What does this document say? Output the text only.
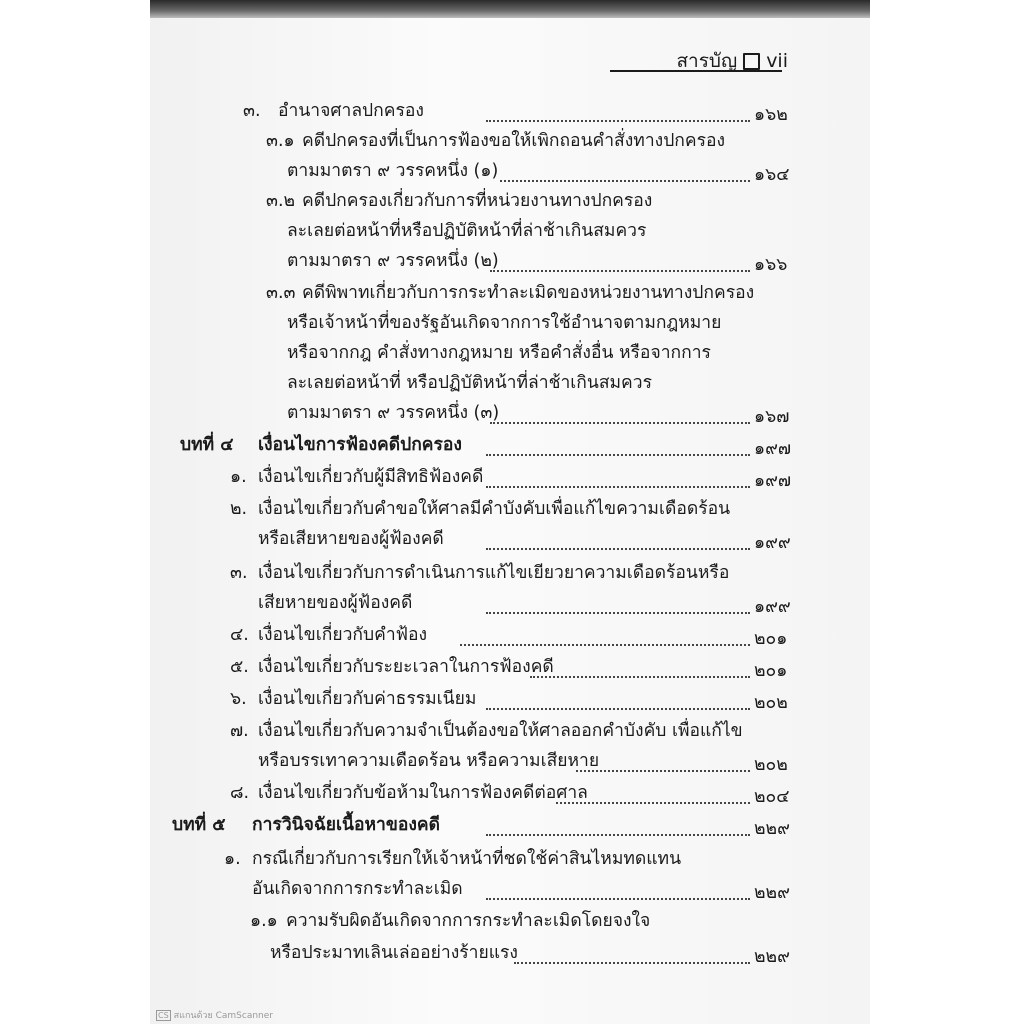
สารบัญ vii
๓. อำนาจศาลปกครอง	๑๖๒
๓.๑ คดีปกครองที่เป็นการฟ้องขอให้เพิกถอนคำสั่งทางปกครอง
ตามมาตรา ๙ วรรคหนึ่ง (๑)	๑๖๔
๓.๒ คดีปกครองเกี่ยวกับการที่หน่วยงานทางปกครอง
ละเลยต่อหน้าที่หรือปฏิบัติหน้าที่ล่าช้าเกินสมควร
ตามมาตรา ๙ วรรคหนึ่ง (๒)	๑๖๖
๓.๓ คดีพิพาทเกี่ยวกับการกระทำละเมิดของหน่วยงานทางปกครอง
หรือเจ้าหน้าที่ของรัฐอันเกิดจากการใช้อำนาจตามกฎหมาย
หรือจากกฎ คำสั่งทางกฎหมาย หรือคำสั่งอื่น หรือจากการ
ละเลยต่อหน้าที่ หรือปฏิบัติหน้าที่ล่าช้าเกินสมควร
ตามมาตรา ๙ วรรคหนึ่ง (๓)	๑๖๗
บทที่ ๔	เงื่อนไขการฟ้องคดีปกครอง	๑๙๗
๑. เงื่อนไขเกี่ยวกับผู้มีสิทธิฟ้องคดี	๑๙๗
๒. เงื่อนไขเกี่ยวกับคำขอให้ศาลมีคำบังคับเพื่อแก้ไขความเดือดร้อน
หรือเสียหายของผู้ฟ้องคดี	๑๙๙
๓. เงื่อนไขเกี่ยวกับการดำเนินการแก้ไขเยียวยาความเดือดร้อนหรือ
เสียหายของผู้ฟ้องคดี	๑๙๙
๔. เงื่อนไขเกี่ยวกับคำฟ้อง	๒๐๑
๕. เงื่อนไขเกี่ยวกับระยะเวลาในการฟ้องคดี	๒๐๑
๖. เงื่อนไขเกี่ยวกับค่าธรรมเนียม	๒๐๒
๗. เงื่อนไขเกี่ยวกับความจำเป็นต้องขอให้ศาลออกคำบังคับ เพื่อแก้ไข
หรือบรรเทาความเดือดร้อน หรือความเสียหาย	๒๐๒
๘. เงื่อนไขเกี่ยวกับข้อห้ามในการฟ้องคดีต่อศาล	๒๐๔
บทที่ ๕	การวินิจฉัยเนื้อหาของคดี	๒๒๙
๑. กรณีเกี่ยวกับการเรียกให้เจ้าหน้าที่ชดใช้ค่าสินไหมทดแทน
อันเกิดจากการกระทำละเมิด	๒๒๙
๑.๑ ความรับผิดอันเกิดจากการกระทำละเมิดโดยจงใจ
หรือประมาทเลินเล่ออย่างร้ายแรง	๒๒๙
CS สแกนด้วย CamScanner
